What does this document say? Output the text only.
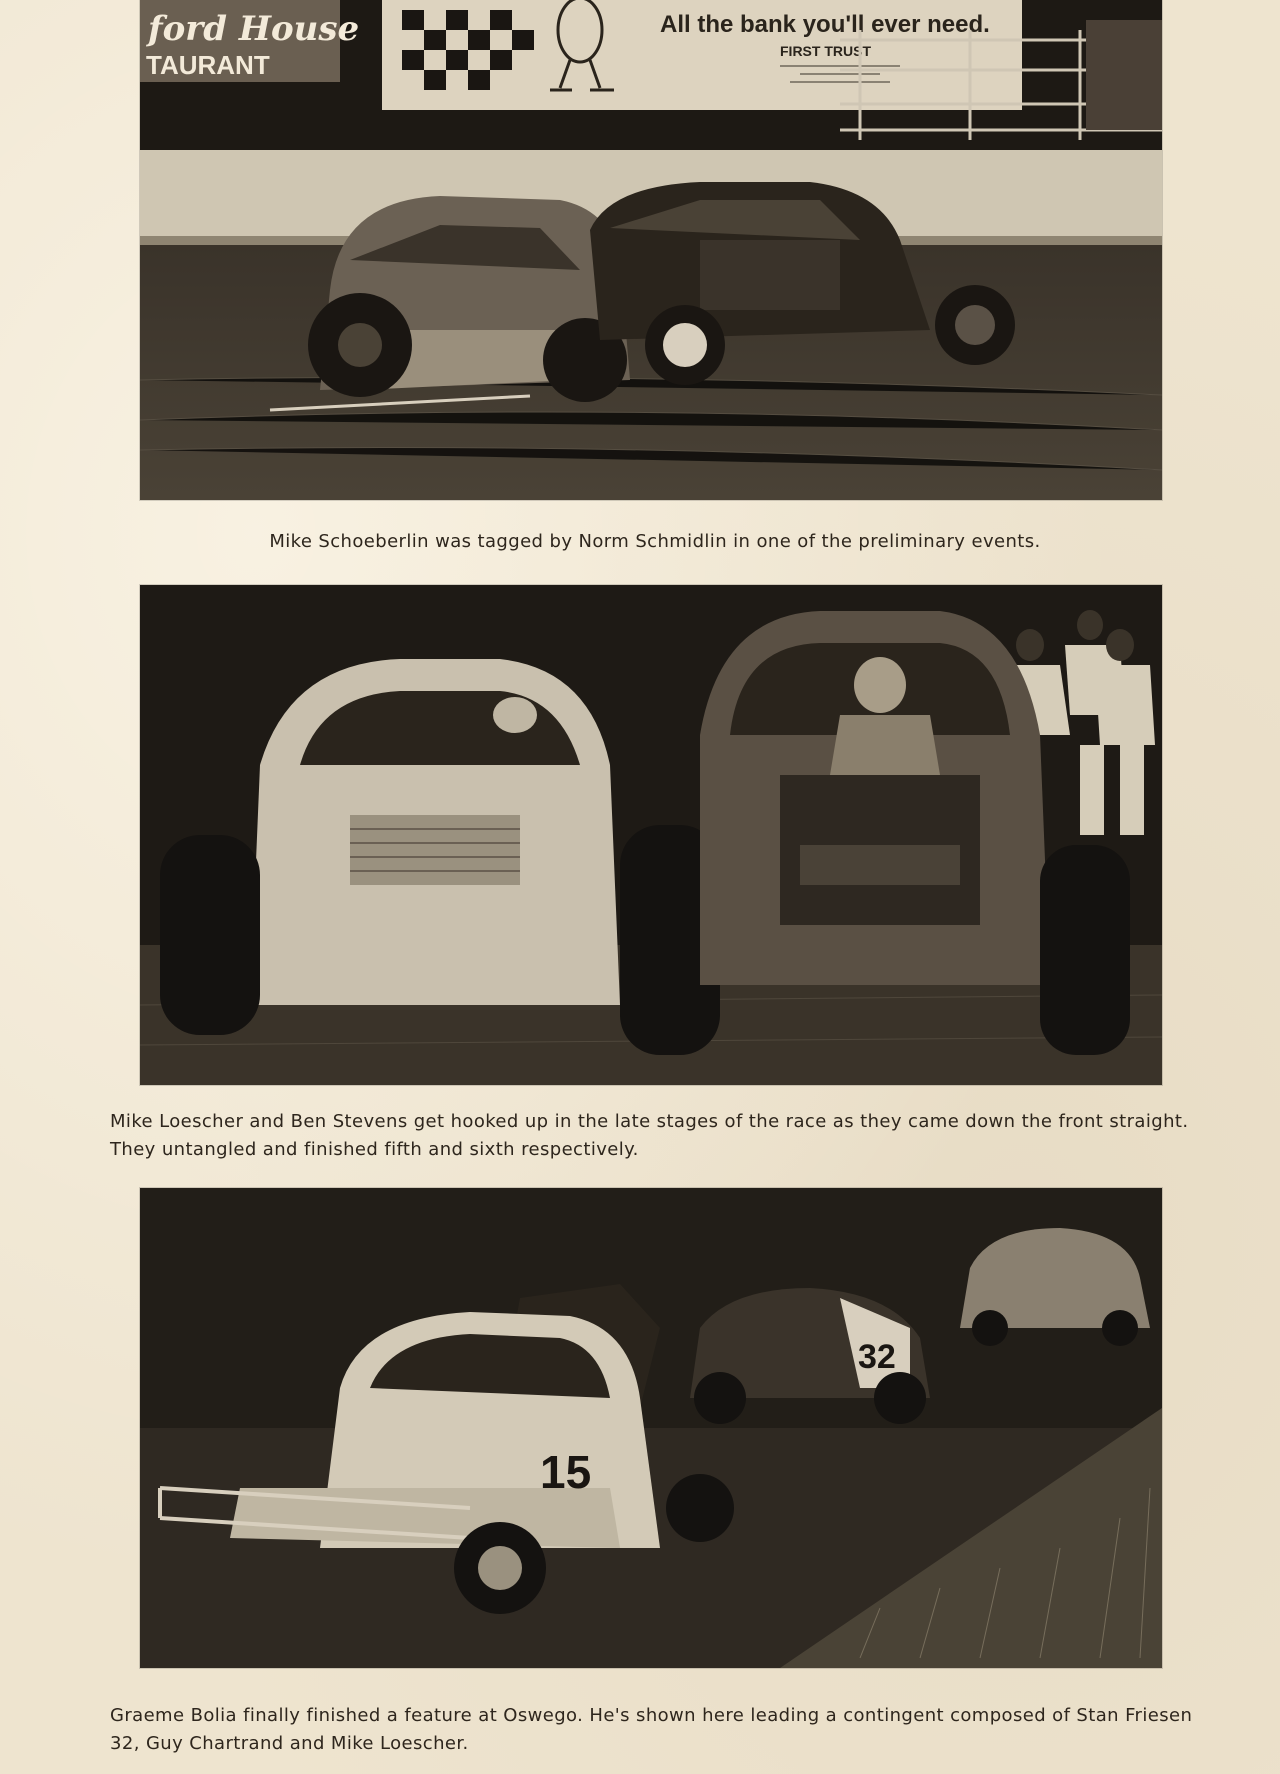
ford House
TAURANT
All the bank you'll ever need.
FIRST TRUST
Mike Schoeberlin was tagged by Norm Schmidlin in one of the preliminary events.
Mike Loescher and Ben Stevens get hooked up in the late stages of the race as they came down the front straight. They untangled and finished fifth and sixth respectively.
32
15
Graeme Bolia finally finished a feature at Oswego. He's shown here leading a contingent composed of Stan Friesen 32, Guy Chartrand and Mike Loescher.
